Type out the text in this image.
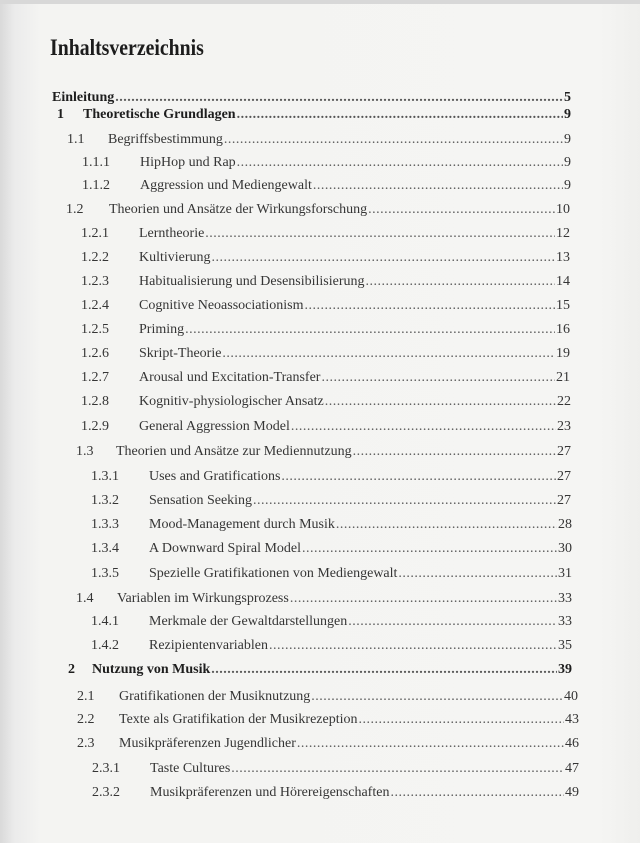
Inhaltsverzeichnis
Einleitung .....	5
1	Theoretische Grundlagen .....	9
1.1	Begriffsbestimmung .....	9
1.1.1	HipHop und Rap .....	9
1.1.2	Aggression und Mediengewalt .....	9
1.2	Theorien und Ansätze der Wirkungsforschung .....	10
1.2.1	Lerntheorie .....	12
1.2.2	Kultivierung .....	13
1.2.3	Habitualisierung und Desensibilisierung .....	14
1.2.4	Cognitive Neoassociationism .....	15
1.2.5	Priming .....	16
1.2.6	Skript-Theorie .....	19
1.2.7	Arousal und Excitation-Transfer .....	21
1.2.8	Kognitiv-physiologischer Ansatz .....	22
1.2.9	General Aggression Model .....	23
1.3	Theorien und Ansätze zur Mediennutzung .....	27
1.3.1	Uses and Gratifications .....	27
1.3.2	Sensation Seeking .....	27
1.3.3	Mood-Management durch Musik .....	28
1.3.4	A Downward Spiral Model .....	30
1.3.5	Spezielle Gratifikationen von Mediengewalt .....	31
1.4	Variablen im Wirkungsprozess .....	33
1.4.1	Merkmale der Gewaltdarstellungen .....	33
1.4.2	Rezipientenvariablen .....	35
2	Nutzung von Musik .....	39
2.1	Gratifikationen der Musiknutzung .....	40
2.2	Texte als Gratifikation der Musikrezeption .....	43
2.3	Musikpräferenzen Jugendlicher .....	46
2.3.1	Taste Cultures .....	47
2.3.2	Musikpräferenzen und Hörereigenschaften .....	49
